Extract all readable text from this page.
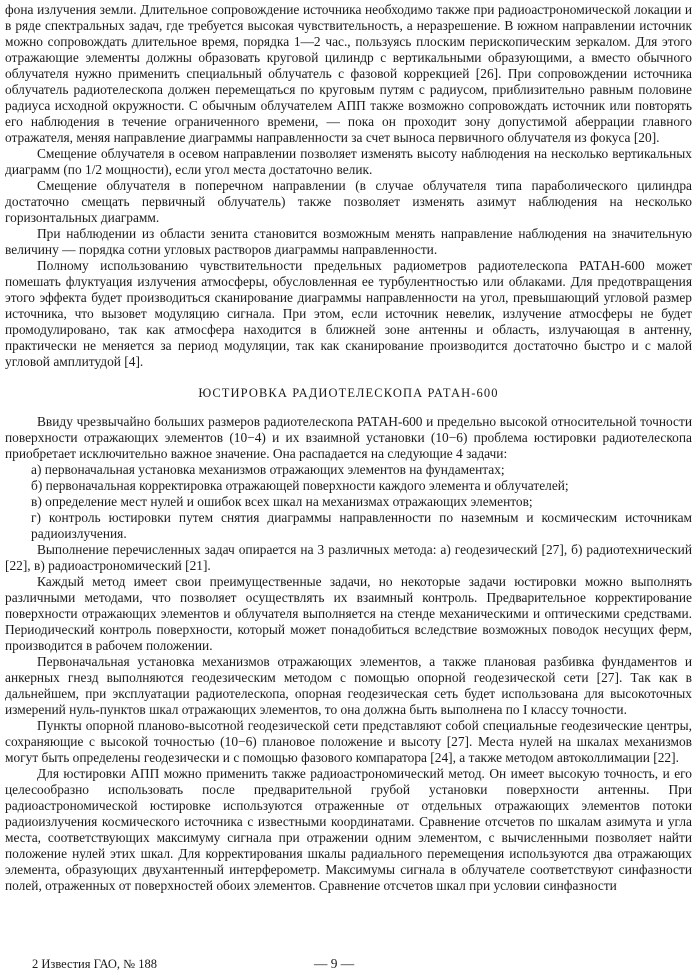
фона излучения земли. Длительное сопровождение источника необходимо также при радиоастрономической локации и в ряде спектральных задач, где требуется высокая чувствительность, а неразрешение. В южном направлении источник можно сопровождать длительное время, порядка 1—2 час., пользуясь плоским перископическим зеркалом. Для этого отражающие элементы должны образовать круговой цилиндр с вертикальными образующими, а вместо обычного облучателя нужно применить специальный облучатель с фазовой коррекцией [26]. При сопровождении источника облучатель радиотелескопа должен перемещаться по круговым путям с радиусом, приблизительно равным половине радиуса исходной окружности. С обычным облучателем АПП также возможно сопровождать источник или повторять его наблюдения в течение ограниченного времени, — пока он проходит зону допустимой аберрации главного отражателя, меняя направление диаграммы направленности за счет выноса первичного облучателя из фокуса [20].

Смещение облучателя в осевом направлении позволяет изменять высоту наблюдения на несколько вертикальных диаграмм (по 1/2 мощности), если угол места достаточно велик.

Смещение облучателя в поперечном направлении (в случае облучателя типа параболического цилиндра достаточно смещать первичный облучатель) также позволяет изменять азимут наблюдения на несколько горизонтальных диаграмм.

При наблюдении из области зенита становится возможным менять направление наблюдения на значительную величину — порядка сотни угловых растворов диаграммы направленности.

Полному использованию чувствительности предельных радиометров радиотелескопа РАТАН-600 может помешать флуктуация излучения атмосферы, обусловленная ее турбулентностью или облаками. Для предотвращения этого эффекта будет производиться сканирование диаграммы направленности на угол, превышающий угловой размер источника, что вызовет модуляцию сигнала. При этом, если источник невелик, излучение атмосферы не будет промодулировано, так как атмосфера находится в ближней зоне антенны и область, излучающая в антенну, практически не меняется за период модуляции, так как сканирование производится достаточно быстро и с малой угловой амплитудой [4].

ЮСТИРОВКА РАДИОТЕЛЕСКОПА РАТАН-600

Ввиду чрезвычайно больших размеров радиотелескопа РАТАН-600 и предельно высокой относительной точности поверхности отражающих элементов (10−4) и их взаимной установки (10−6) проблема юстировки радиотелескопа приобретает исключительно важное значение. Она распадается на следующие 4 задачи:

а) первоначальная установка механизмов отражающих элементов на фундаментах;
б) первоначальная корректировка отражающей поверхности каждого элемента и облучателей;
в) определение мест нулей и ошибок всех шкал на механизмах отражающих элементов;
г) контроль юстировки путем снятия диаграммы направленности по наземным и космическим источникам радиоизлучения.

Выполнение перечисленных задач опирается на 3 различных метода: а) геодезический [27], б) радиотехнический [22], в) радиоастрономический [21].

Каждый метод имеет свои преимущественные задачи, но некоторые задачи юстировки можно выполнять различными методами, что позволяет осуществлять их взаимный контроль. Предварительное корректирование поверхности отражающих элементов и облучателя выполняется на стенде механическими и оптическими средствами. Периодический контроль поверхности, который может понадобиться вследствие возможных поводок несущих ферм, производится в рабочем положении.

Первоначальная установка механизмов отражающих элементов, а также плановая разбивка фундаментов и анкерных гнезд выполняются геодезическим методом с помощью опорной геодезической сети [27]. Так как в дальнейшем, при эксплуатации радиотелескопа, опорная геодезическая сеть будет использована для высокоточных измерений нуль-пунктов шкал отражающих элементов, то она должна быть выполнена по I классу точности.

Пункты опорной планово-высотной геодезической сети представляют собой специальные геодезические центры, сохраняющие с высокой точностью (10−6) плановое положение и высоту [27]. Места нулей на шкалах механизмов могут быть определены геодезически и с помощью фазового компаратора [24], а также методом автоколлимации [22].

Для юстировки АПП можно применить также радиоастрономический метод. Он имеет высокую точность, и его целесообразно использовать после предварительной грубой установки поверхности антенны. При радиоастрономической юстировке используются отраженные от отдельных отражающих элементов потоки радиоизлучения космического источника с известными координатами. Сравнение отсчетов по шкалам азимута и угла места, соответствующих максимуму сигнала при отражении одним элементом, с вычисленными позволяет найти положение нулей этих шкал. Для корректирования шкалы радиального перемещения используются два отражающих элемента, образующих двухантенный интерферометр. Максимумы сигнала в облучателе соответствуют синфазности полей, отраженных от поверхностей обоих элементов. Сравнение отсчетов шкал при условии синфазности

2 Известия ГАО, № 188	— 9 —
